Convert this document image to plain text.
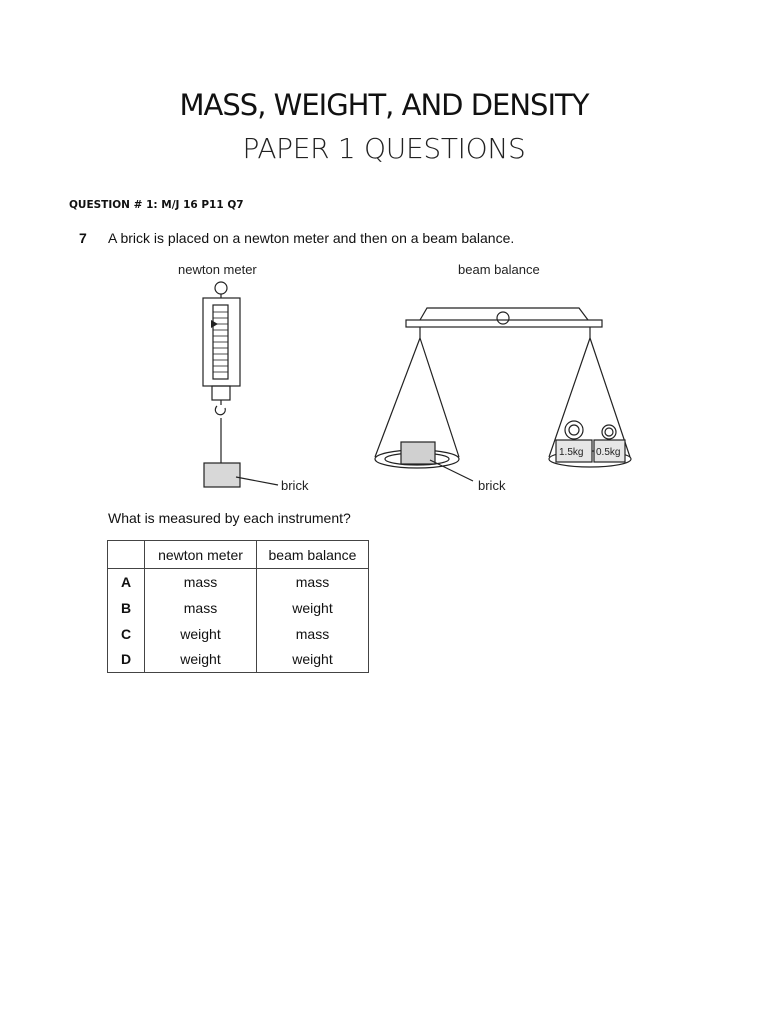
MASS, WEIGHT, AND DENSITY
PAPER 1 QUESTIONS
QUESTION # 1: M/J 16 P11 Q7
7 A brick is placed on a newton meter and then on a beam balance.
newton meter	beam balance
brick
1.5kg 0.5kg
brick
What is measured by each instrument?
	newton meter	beam balance
A	mass	mass
B	mass	weight
C	weight	mass
D	weight	weight
